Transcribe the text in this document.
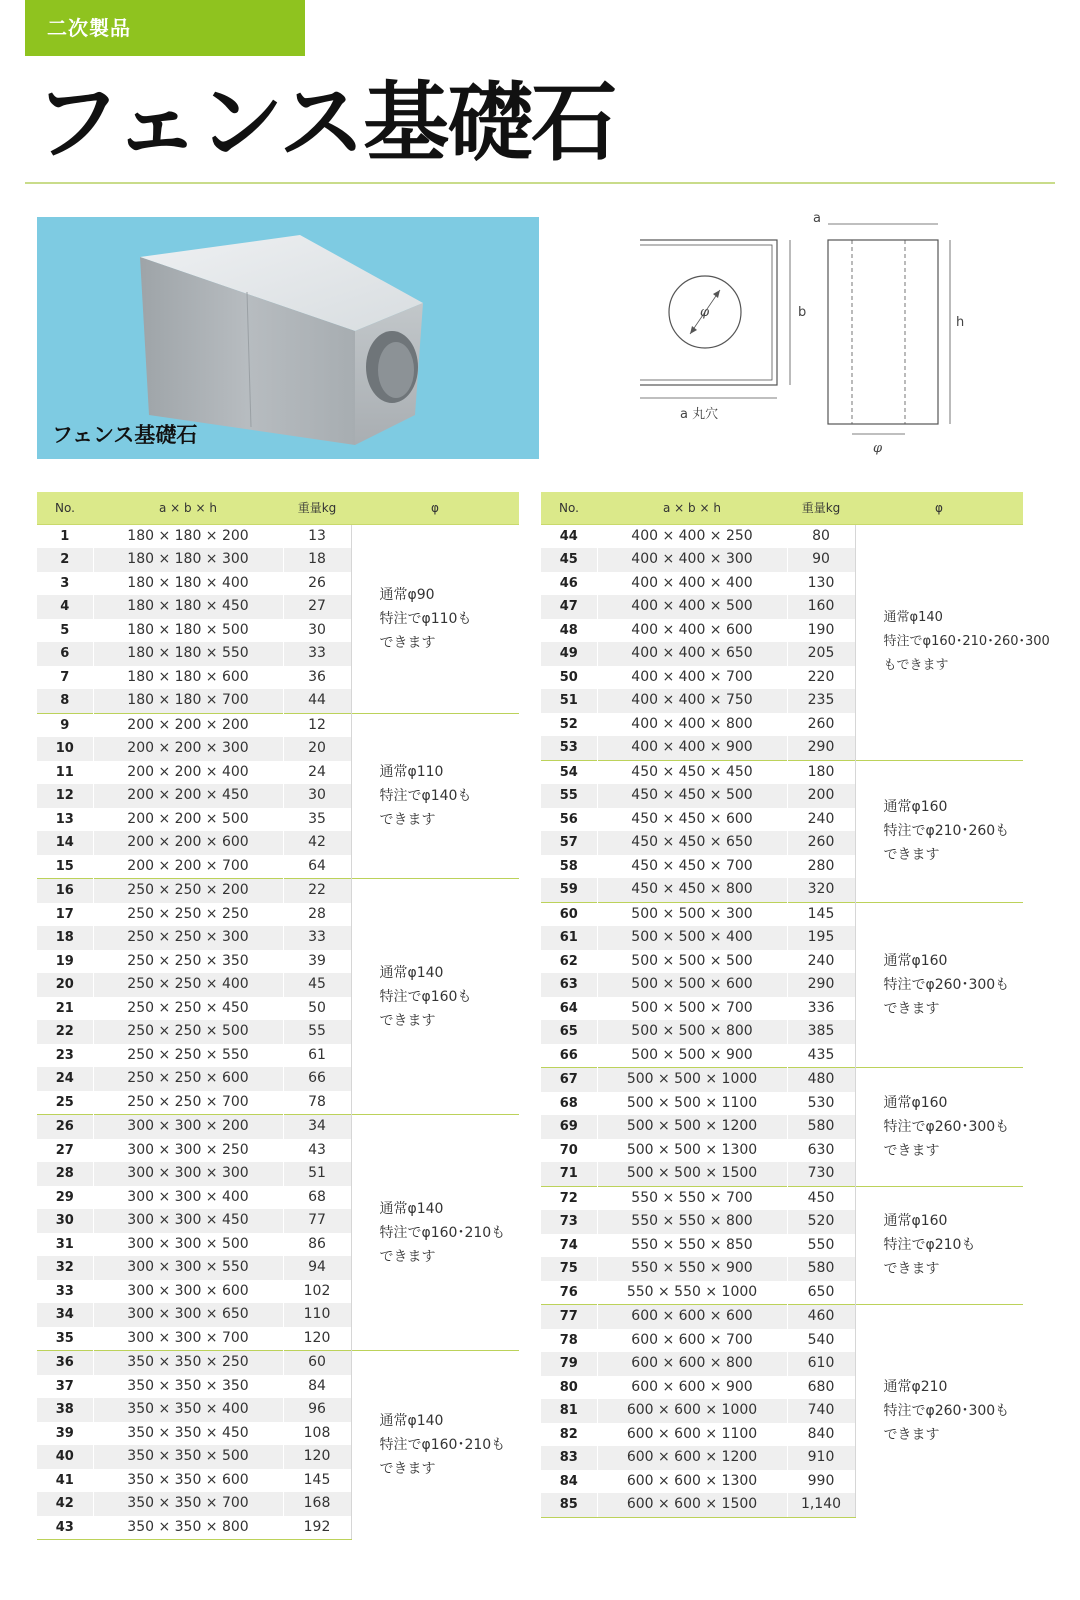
二次製品
フェンス基礎石
フェンス基礎石
a
b
h
φ
a 丸穴
φ
No.	a × b × h	重量kg	φ
1	180 × 180 × 200	13	通常φ90
特注でφ110も
できます

2	180 × 180 × 300	18	
3	180 × 180 × 400	26	
4	180 × 180 × 450	27	
5	180 × 180 × 500	30	
6	180 × 180 × 550	33	
7	180 × 180 × 600	36	
8	180 × 180 × 700	44	
9	200 × 200 × 200	12	通常φ110
特注でφ140も
できます

10	200 × 200 × 300	20	
11	200 × 200 × 400	24	
12	200 × 200 × 450	30	
13	200 × 200 × 500	35	
14	200 × 200 × 600	42	
15	200 × 200 × 700	64	
16	250 × 250 × 200	22	通常φ140
特注でφ160も
できます

17	250 × 250 × 250	28	
18	250 × 250 × 300	33	
19	250 × 250 × 350	39	
20	250 × 250 × 400	45	
21	250 × 250 × 450	50	
22	250 × 250 × 500	55	
23	250 × 250 × 550	61	
24	250 × 250 × 600	66	
25	250 × 250 × 700	78	
26	300 × 300 × 200	34	通常φ140
特注でφ160･210も
できます

27	300 × 300 × 250	43	
28	300 × 300 × 300	51	
29	300 × 300 × 400	68	
30	300 × 300 × 450	77	
31	300 × 300 × 500	86	
32	300 × 300 × 550	94	
33	300 × 300 × 600	102	
34	300 × 300 × 650	110	
35	300 × 300 × 700	120	
36	350 × 350 × 250	60	通常φ140
特注でφ160･210も
できます

37	350 × 350 × 350	84	
38	350 × 350 × 400	96	
39	350 × 350 × 450	108	
40	350 × 350 × 500	120	
41	350 × 350 × 600	145	
42	350 × 350 × 700	168	
43	350 × 350 × 800	192	
No.	a × b × h	重量kg	φ
44	400 × 400 × 250	80	通常φ140
特注でφ160･210･260･300
もできます

45	400 × 400 × 300	90	
46	400 × 400 × 400	130	
47	400 × 400 × 500	160	
48	400 × 400 × 600	190	
49	400 × 400 × 650	205	
50	400 × 400 × 700	220	
51	400 × 400 × 750	235	
52	400 × 400 × 800	260	
53	400 × 400 × 900	290	
54	450 × 450 × 450	180	通常φ160
特注でφ210･260も
できます

55	450 × 450 × 500	200	
56	450 × 450 × 600	240	
57	450 × 450 × 650	260	
58	450 × 450 × 700	280	
59	450 × 450 × 800	320	
60	500 × 500 × 300	145	通常φ160
特注でφ260･300も
できます

61	500 × 500 × 400	195	
62	500 × 500 × 500	240	
63	500 × 500 × 600	290	
64	500 × 500 × 700	336	
65	500 × 500 × 800	385	
66	500 × 500 × 900	435	
67	500 × 500 × 1000	480	通常φ160
特注でφ260･300も
できます

68	500 × 500 × 1100	530	
69	500 × 500 × 1200	580	
70	500 × 500 × 1300	630	
71	500 × 500 × 1500	730	
72	550 × 550 × 700	450	通常φ160
特注でφ210も
できます

73	550 × 550 × 800	520	
74	550 × 550 × 850	550	
75	550 × 550 × 900	580	
76	550 × 550 × 1000	650	
77	600 × 600 × 600	460	通常φ210
特注でφ260･300も
できます

78	600 × 600 × 700	540	
79	600 × 600 × 800	610	
80	600 × 600 × 900	680	
81	600 × 600 × 1000	740	
82	600 × 600 × 1100	840	
83	600 × 600 × 1200	910	
84	600 × 600 × 1300	990	
85	600 × 600 × 1500	1,140	
